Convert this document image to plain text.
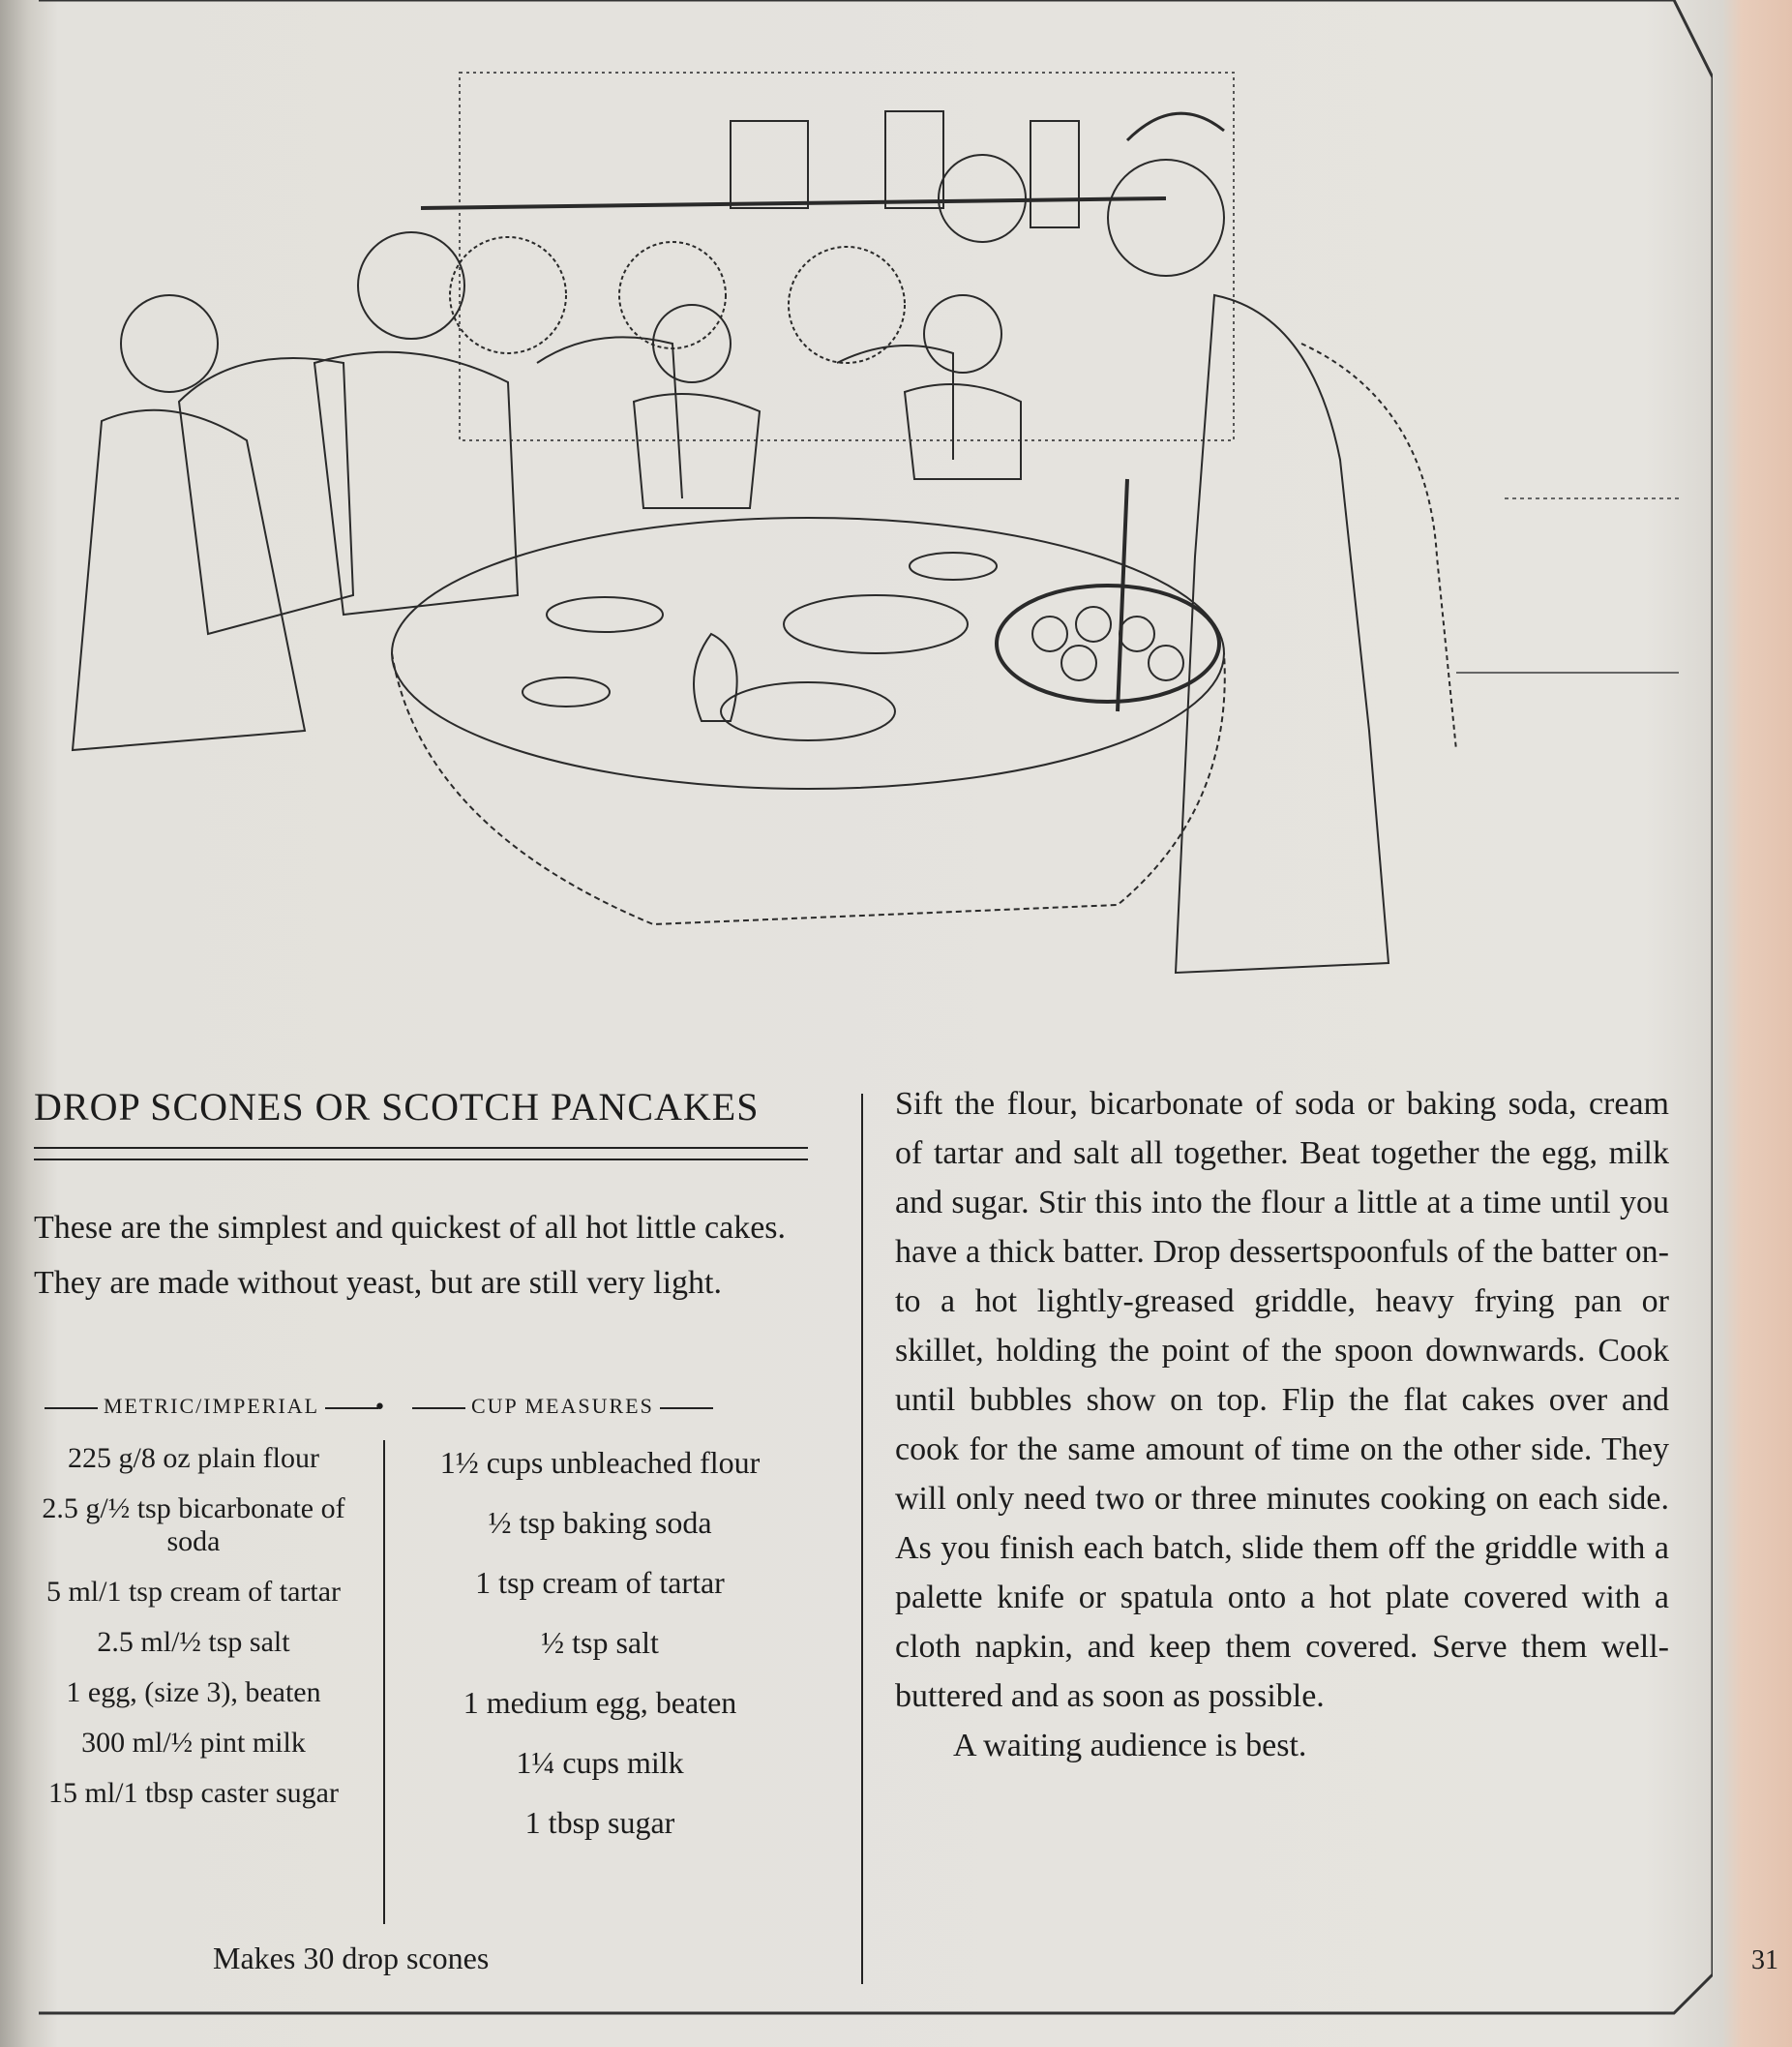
DROP SCONES OR SCOTCH PANCAKES
These are the simplest and quickest of all hot little cakes. They are made without yeast, but are still very light.
METRIC/IMPERIAL	•	CUP MEASURES
225 g/8 oz plain flour
2.5 g/½ tsp bicarbonate of soda
5 ml/1 tsp cream of tartar
2.5 ml/½ tsp salt
1 egg, (size 3), beaten
300 ml/½ pint milk
15 ml/1 tbsp caster sugar
1½ cups unbleached flour
½ tsp baking soda
1 tsp cream of tartar
½ tsp salt
1 medium egg, beaten
1¼ cups milk
1 tbsp sugar
Makes 30 drop scones

Sift the flour, bicarbonate of soda or baking soda, cream of tartar and salt all together. Beat together the egg, milk and sugar. Stir this into the flour a little at a time until you have a thick batter. Drop dessertspoonfuls of the batter on-to a hot lightly-greased griddle, heavy frying pan or skillet, holding the point of the spoon downwards. Cook until bubbles show on top. Flip the flat cakes over and cook for the same amount of time on the other side. They will only need two or three minutes cooking on each side. As you finish each batch, slide them off the griddle with a palette knife or spatula onto a hot plate covered with a cloth napkin, and keep them covered. Serve them well-buttered and as soon as possible.

A waiting audience is best.

31
